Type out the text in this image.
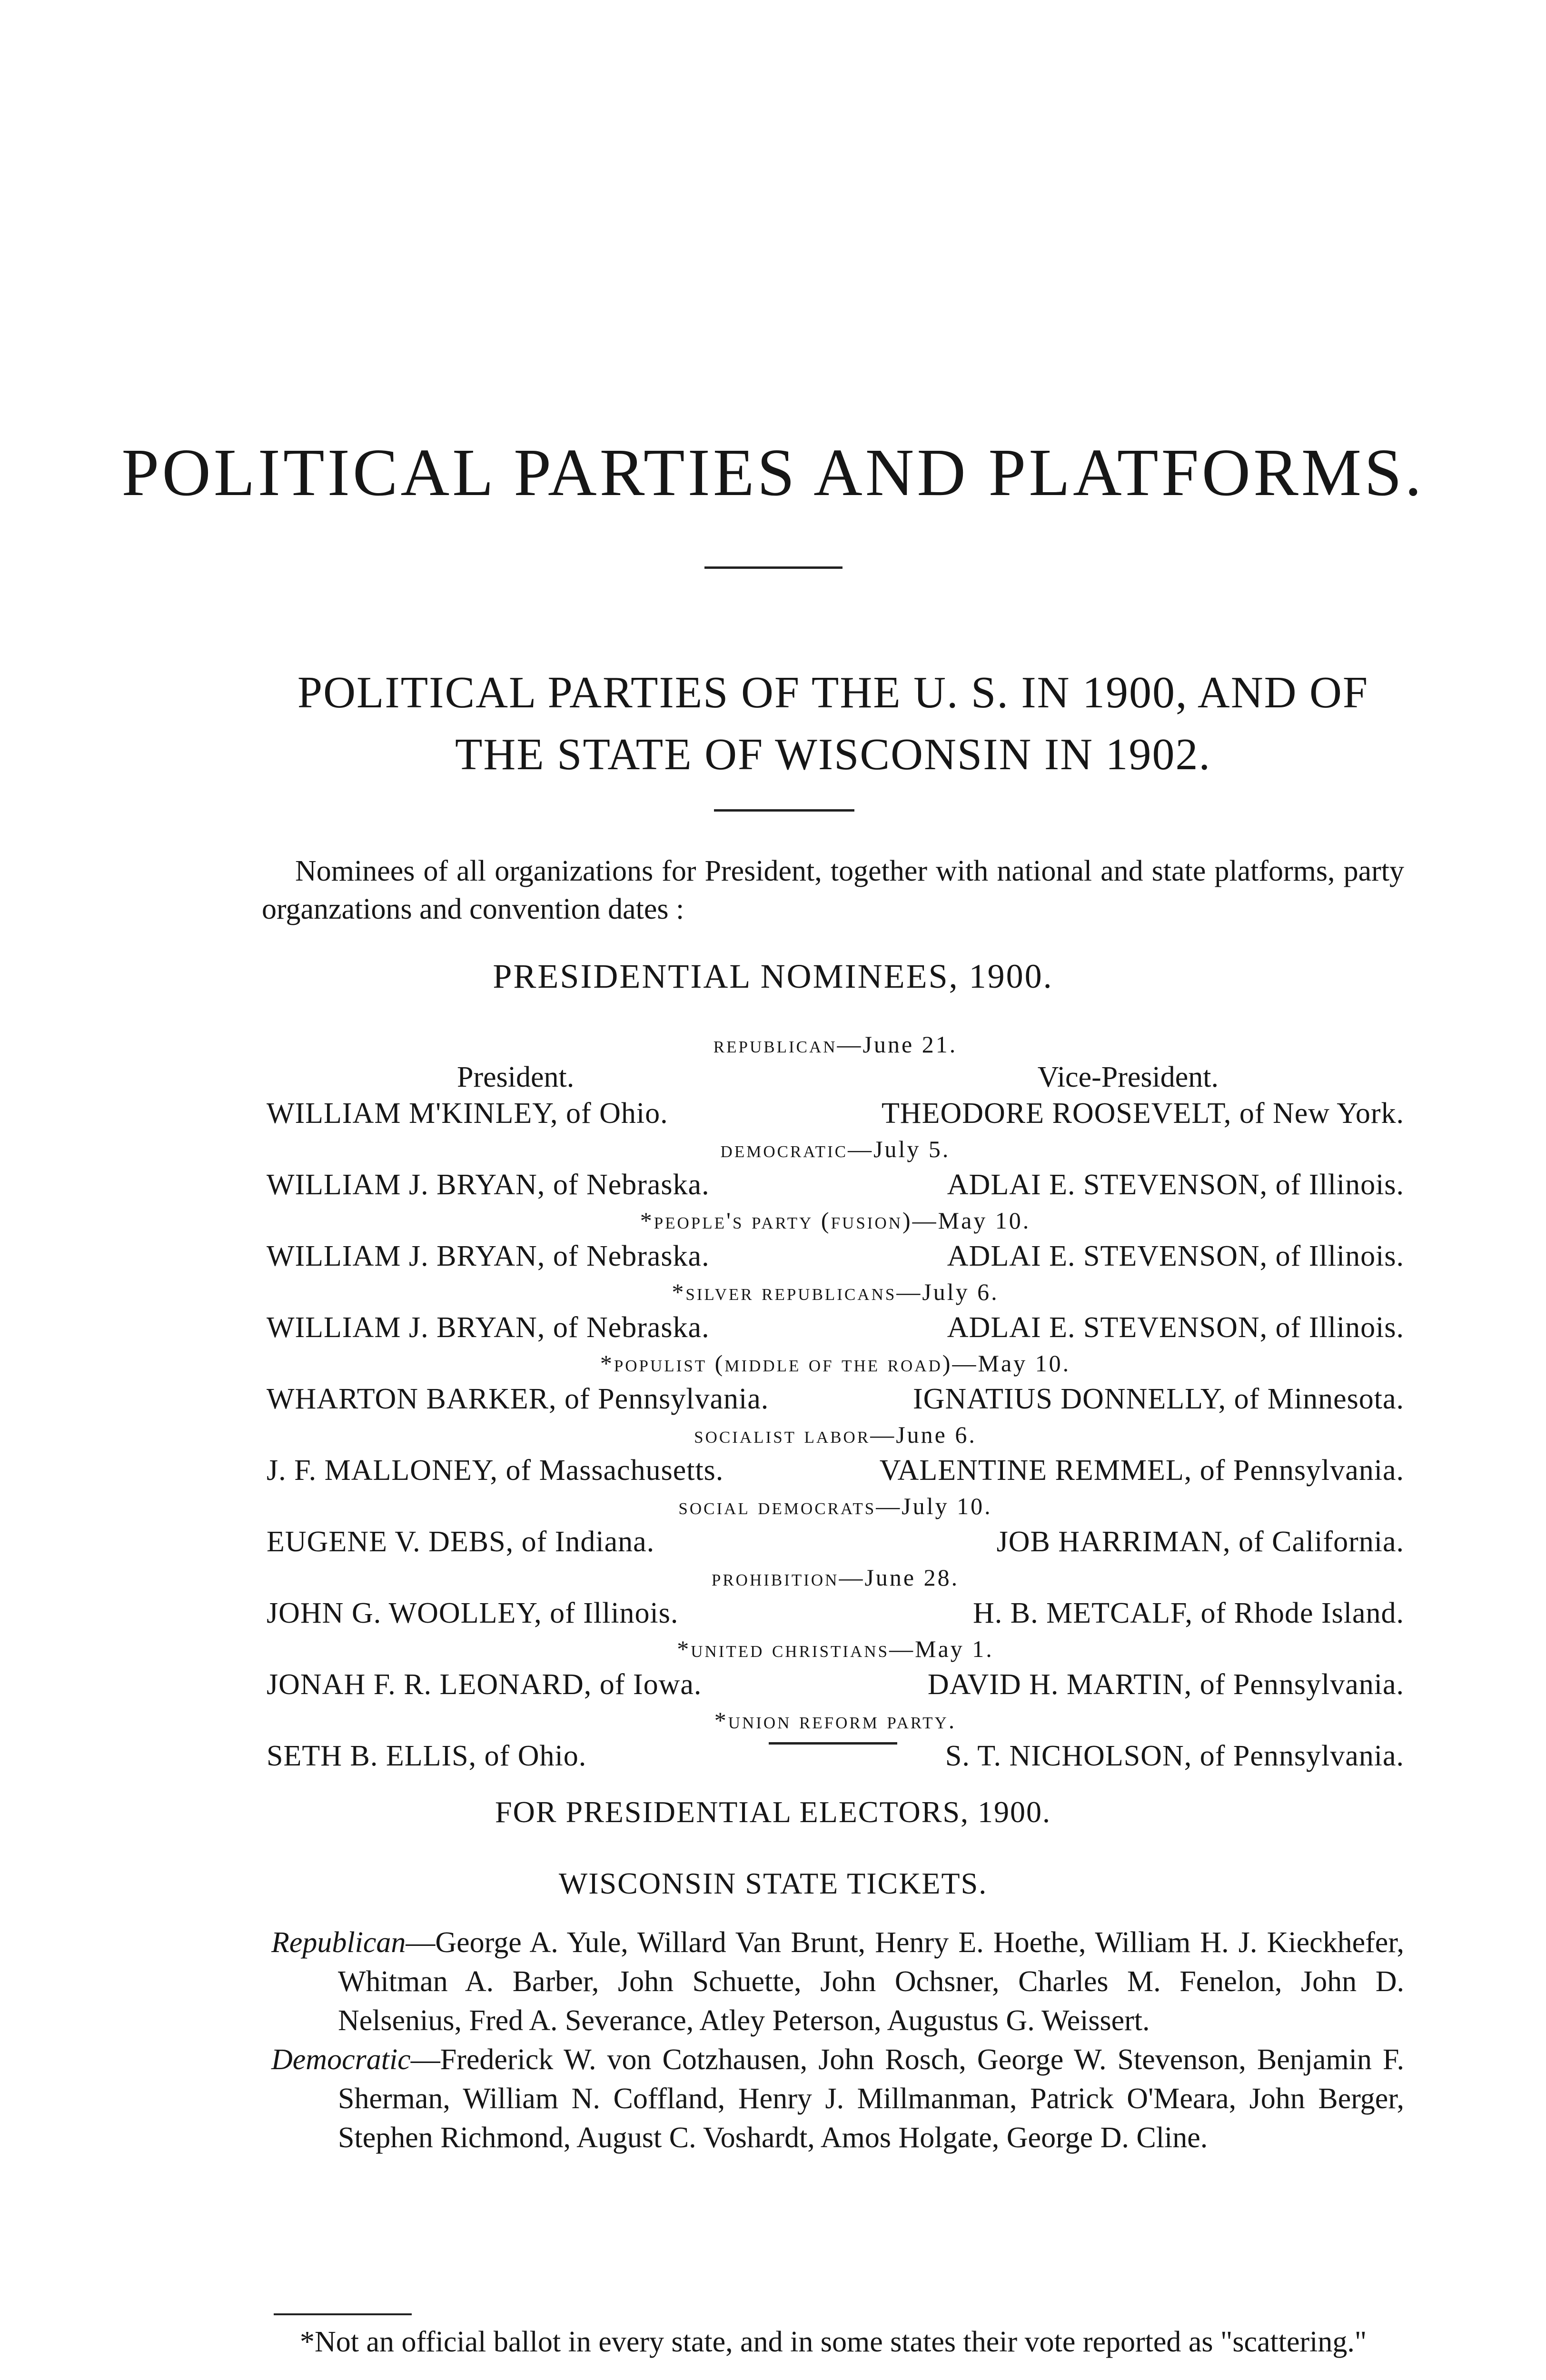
POLITICAL PARTIES AND PLATFORMS.
POLITICAL PARTIES OF THE U. S. IN 1900, AND OF
THE STATE OF WISCONSIN IN 1902.

Nominees of all organizations for President, together with national and state platforms, party organzations and convention dates :

PRESIDENTIAL NOMINEES, 1900.
republican—June 21.
President.	Vice-President.
WILLIAM M'KINLEY, of Ohio.	THEODORE ROOSEVELT, of New York.
democratic—July 5.
WILLIAM J. BRYAN, of Nebraska.	ADLAI E. STEVENSON, of Illinois.
*people's party (fusion)—May 10.
WILLIAM J. BRYAN, of Nebraska.	ADLAI E. STEVENSON, of Illinois.
*silver republicans—July 6.
WILLIAM J. BRYAN, of Nebraska.	ADLAI E. STEVENSON, of Illinois.
*populist (middle of the road)—May 10.
WHARTON BARKER, of Pennsylvania.	IGNATIUS DONNELLY, of Minnesota.
socialist labor—June 6.
J. F. MALLONEY, of Massachusetts.	VALENTINE REMMEL, of Pennsylvania.
social democrats—July 10.
EUGENE V. DEBS, of Indiana.	JOB HARRIMAN, of California.
prohibition—June 28.
JOHN G. WOOLLEY, of Illinois.	H. B. METCALF, of Rhode Island.
*united christians—May 1.
JONAH F. R. LEONARD, of Iowa.	DAVID H. MARTIN, of Pennsylvania.
*union reform party.
SETH B. ELLIS, of Ohio.	S. T. NICHOLSON, of Pennsylvania.
FOR PRESIDENTIAL ELECTORS, 1900.
WISCONSIN STATE TICKETS.

Republican—George A. Yule, Willard Van Brunt, Henry E. Hoethe, William H. J. Kieckhefer, Whitman A. Barber, John Schuette, John Ochsner, Charles M. Fenelon, John D. Nelsenius, Fred A. Severance, Atley Peterson, Augustus G. Weissert.

Democratic—Frederick W. von Cotzhausen, John Rosch, George W. Stevenson, Benjamin F. Sherman, William N. Coffland, Henry J. Millmanman, Patrick O'Meara, John Berger, Stephen Richmond, August C. Voshardt, Amos Holgate, George D. Cline.

*Not an official ballot in every state, and in some states their vote reported as "scattering."
